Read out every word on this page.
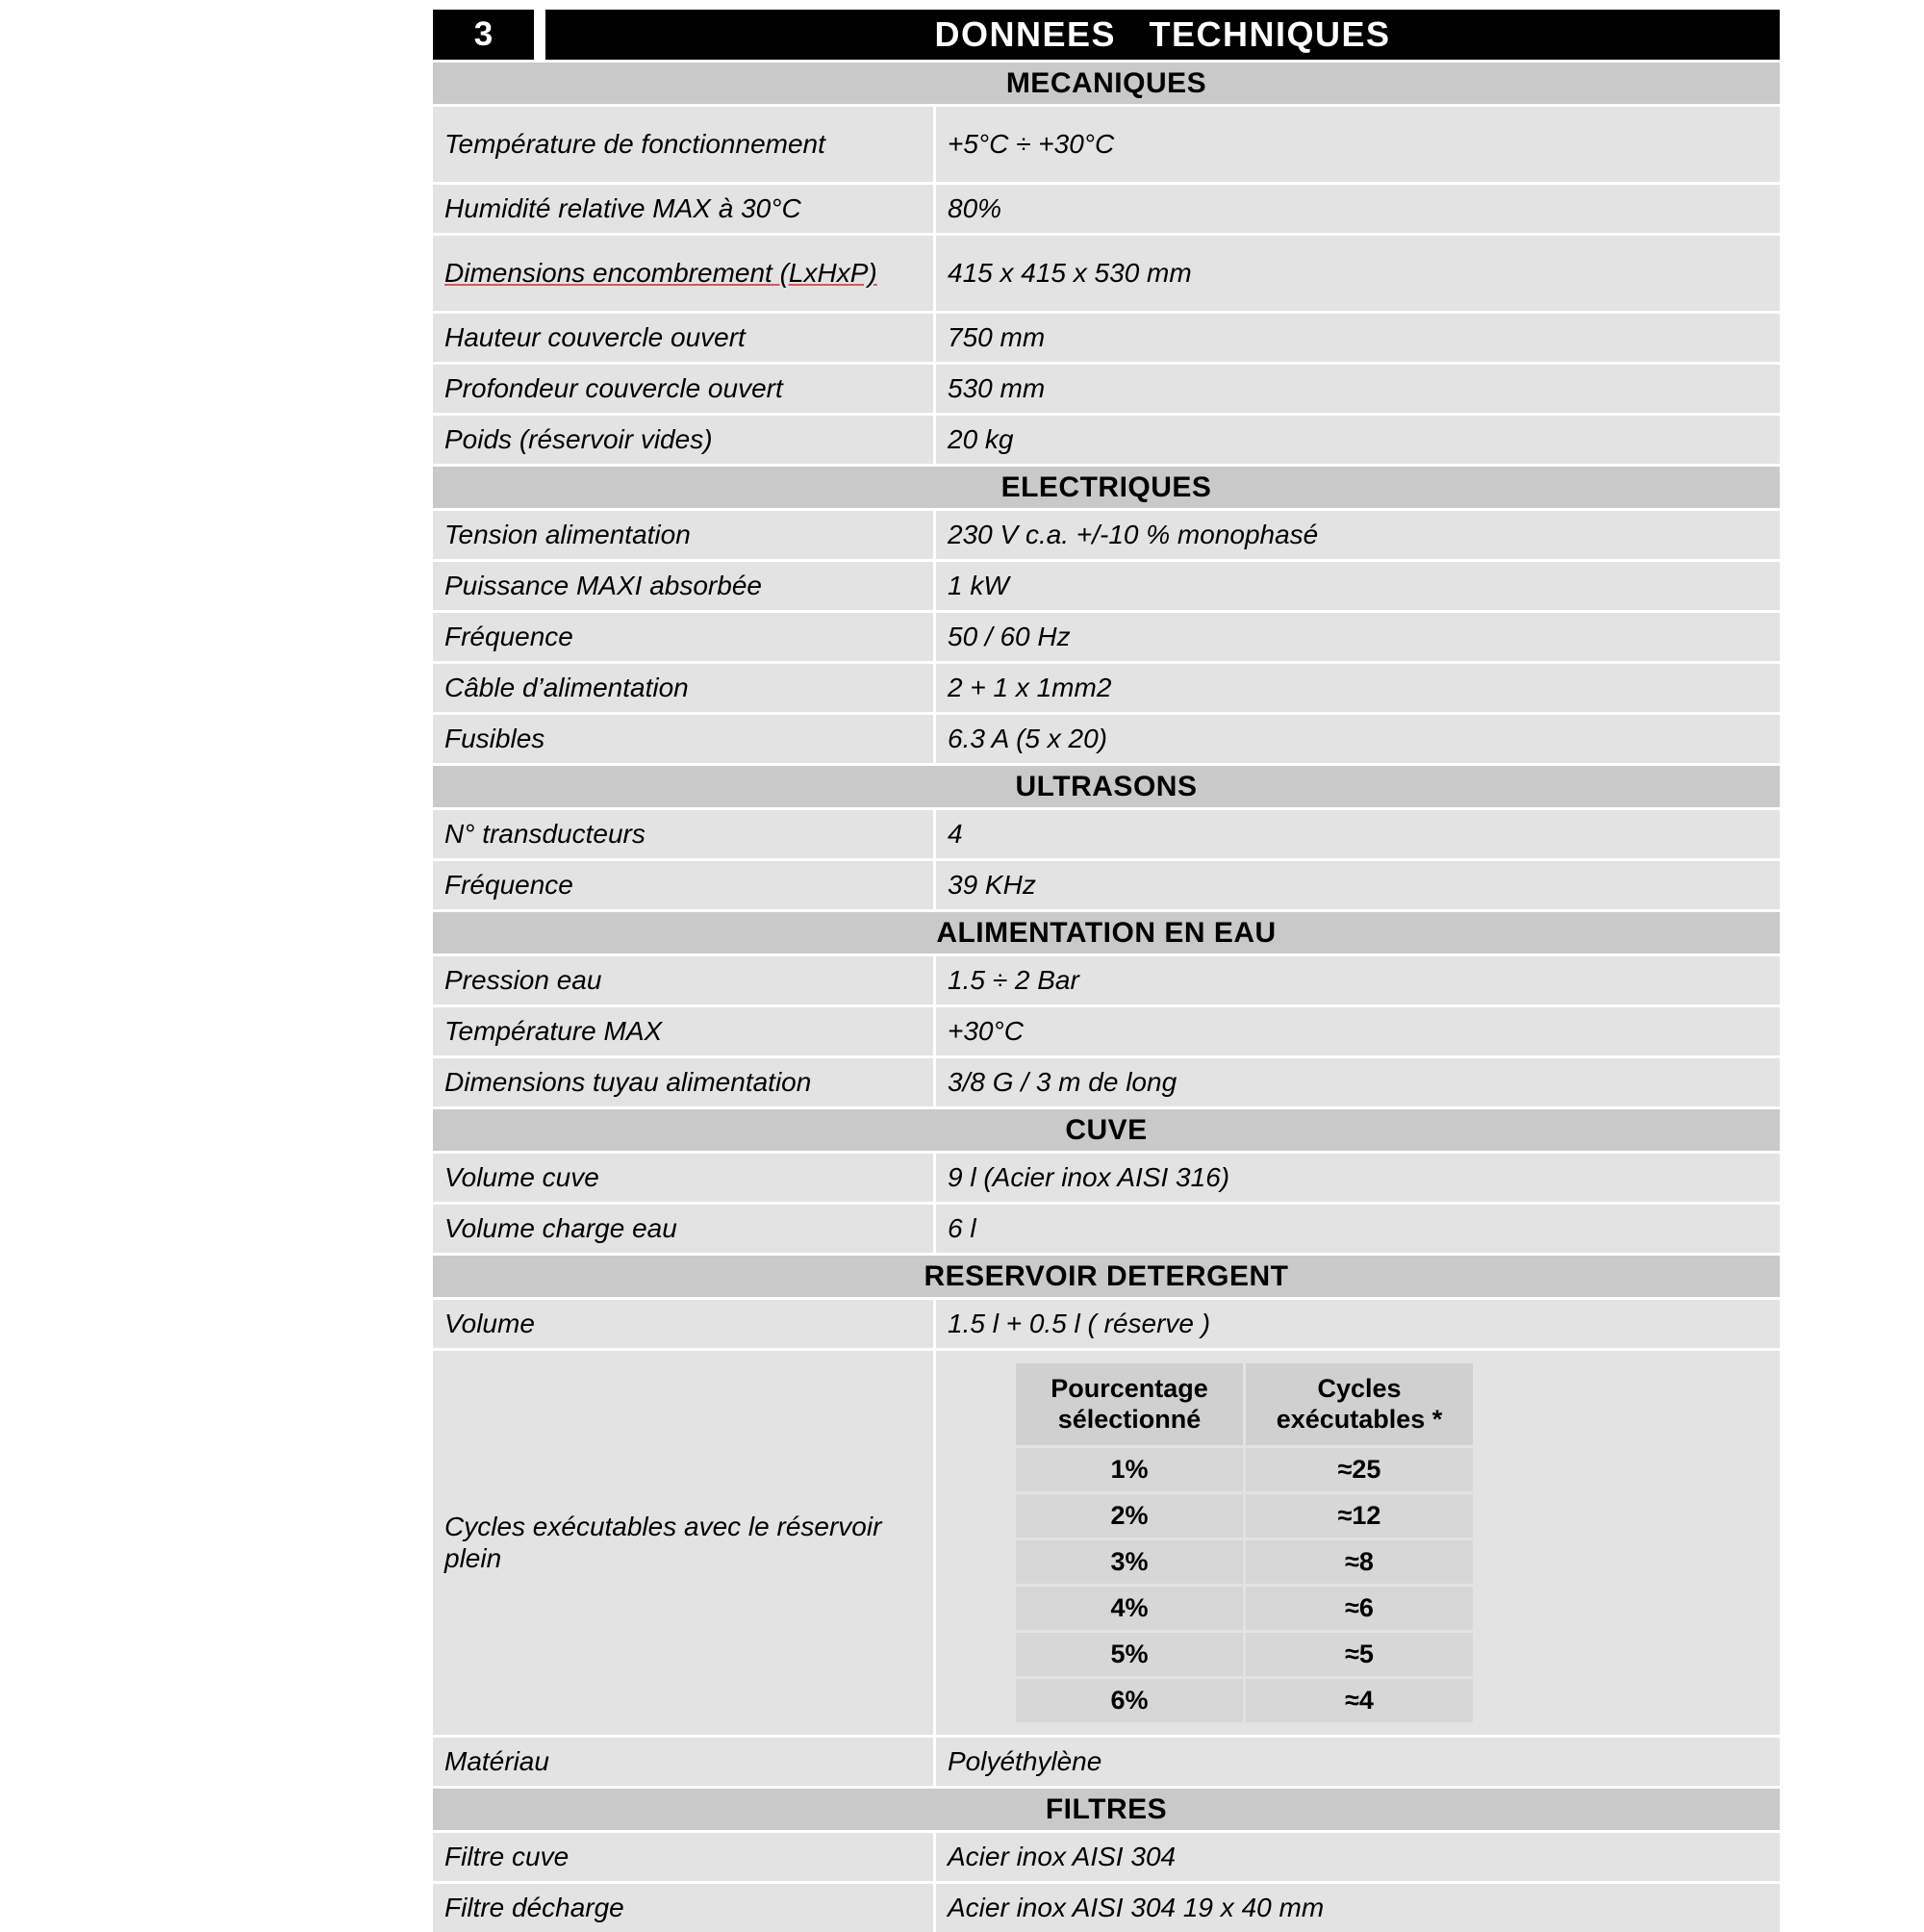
3	DONNEES   TECHNIQUES
MECANIQUES
Température de fonctionnement	+5°C ÷ +30°C
Humidité relative MAX à 30°C	80%
Dimensions encombrement (LxHxP)	415 x 415 x 530 mm
Hauteur couvercle ouvert	750 mm
Profondeur couvercle ouvert	530 mm
Poids (réservoir vides)	20 kg
ELECTRIQUES
Tension alimentation	230 V c.a. +/-10 % monophasé
Puissance MAXI absorbée	1 kW
Fréquence	50 / 60 Hz
Câble d’alimentation	2 + 1 x 1mm2
Fusibles	6.3 A (5 x 20)
ULTRASONS
N° transducteurs	4
Fréquence	39 KHz
ALIMENTATION EN EAU
Pression eau	1.5 ÷ 2 Bar
Température MAX	+30°C
Dimensions tuyau alimentation	3/8 G / 3 m de long
CUVE
Volume cuve	9 l (Acier inox AISI 316)
Volume charge eau	6 l
RESERVOIR DETERGENT
Volume	1.5 l + 0.5 l ( réserve )
Cycles exécutables avec le réservoir plein
Pourcentage sélectionné	Cycles exécutables *
1%	≈25
2%	≈12
3%	≈8
4%	≈6
5%	≈5
6%	≈4
Matériau	Polyéthylène
FILTRES
Filtre cuve	Acier inox AISI 304
Filtre décharge	Acier inox AISI 304 19 x 40 mm
